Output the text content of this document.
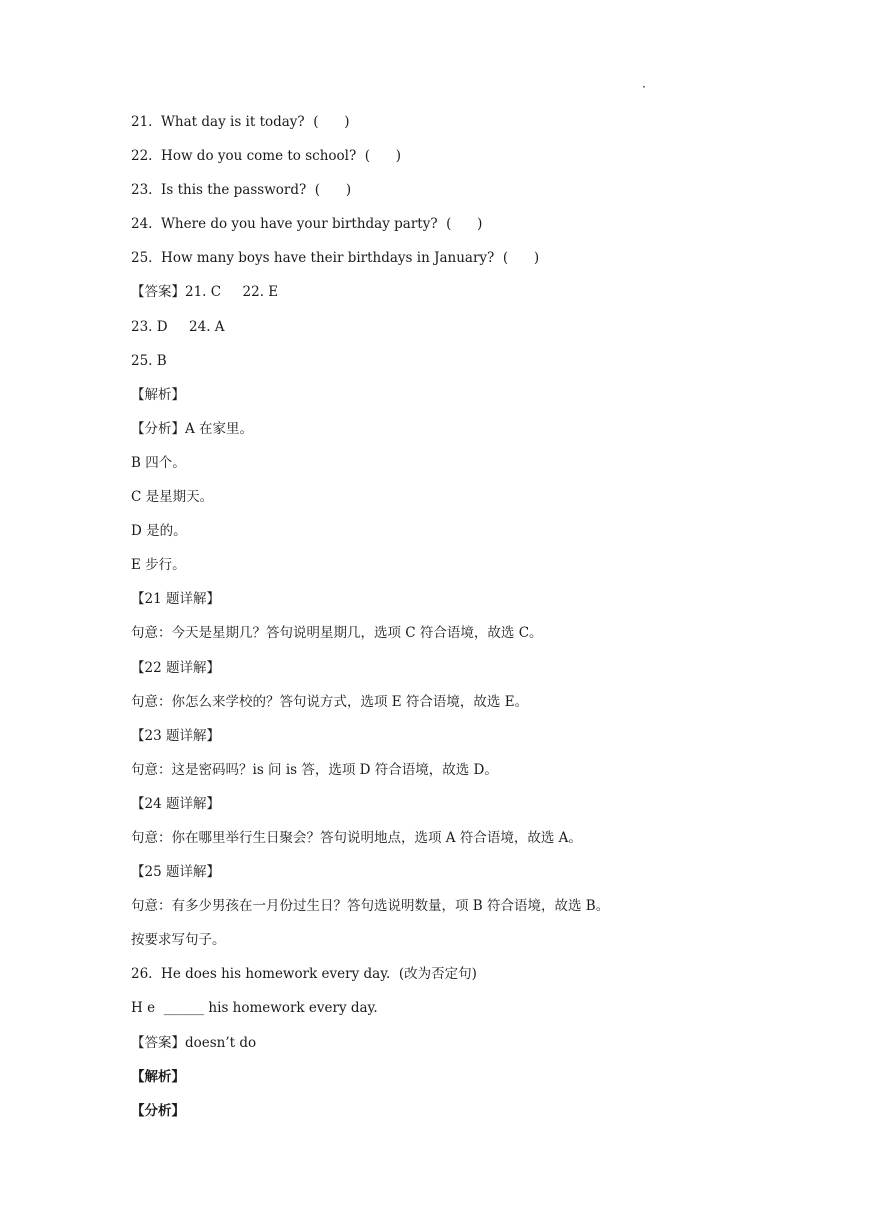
·
21.  What day is it today?  (      )
22.  How do you come to school?  (      )
23.  Is this the password?  (      )
24.  Where do you have your birthday party?  (      )
25.  How many boys have their birthdays in January?  (      )
【答案】21. C     22. E
23. D     24. A
25. B
【解析】
【分析】A 在家里。
B 四个。
C 是星期天。
D 是的。
E 步行。
【21 题详解】
句意：今天是星期几？答句说明星期几，选项 C 符合语境，故选 C。
【22 题详解】
句意：你怎么来学校的？答句说方式，选项 E 符合语境，故选 E。
【23 题详解】
句意：这是密码吗？is 问 is 答，选项 D 符合语境，故选 D。
【24 题详解】
句意：你在哪里举行生日聚会？答句说明地点，选项 A 符合语境，故选 A。
【25 题详解】
句意：有多少男孩在一月份过生日？答句选说明数量，项 B 符合语境，故选 B。
按要求写句子。
26.  He does his homework every day.  (改为否定句)
H e  ______ his homework every day.
【答案】doesn’t do
【解析】
【分析】
